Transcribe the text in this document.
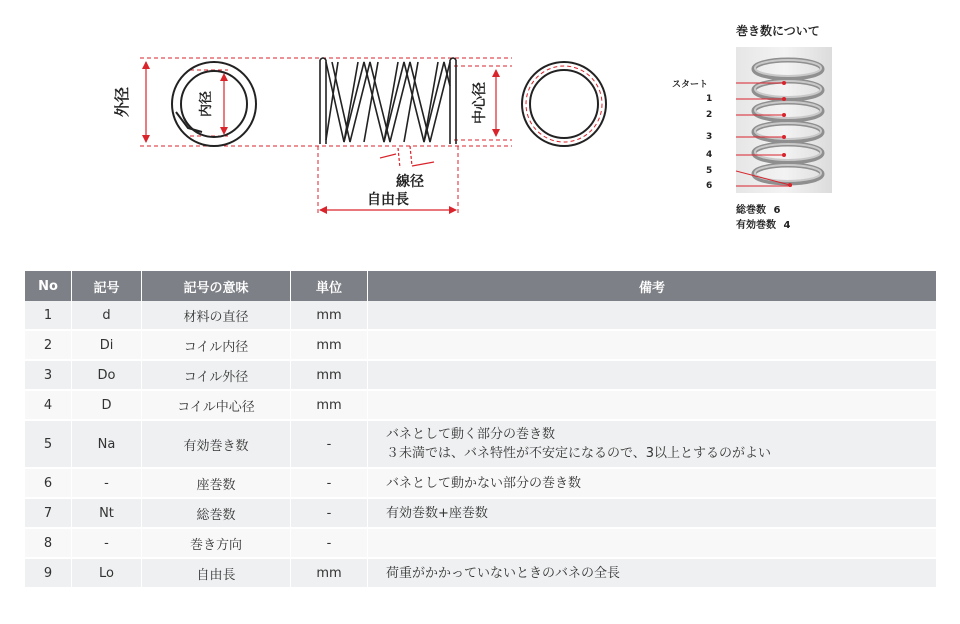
外径	内径
線径
自由長
中心径
巻き数について
スタート
1
2
3
4
5
6
総巻数 6
有効巻数 4
No	記号	記号の意味	単位	備考
1	d	材料の直径	mm	
2	Di	コイル内径	mm	
3	Do	コイル外径	mm	
4	D	コイル中心径	mm	
5	Na	有効巻き数	-	バネとして動く部分の巻き数
３未満では、バネ特性が不安定になるので、3以上とするのがよい

6	-	座巻数	-	バネとして動かない部分の巻き数

7	Nt	総巻数	-	有効巻数+座巻数

8	-	巻き方向	-	
9	Lo	自由長	mm	荷重がかかっていないときのバネの全長
